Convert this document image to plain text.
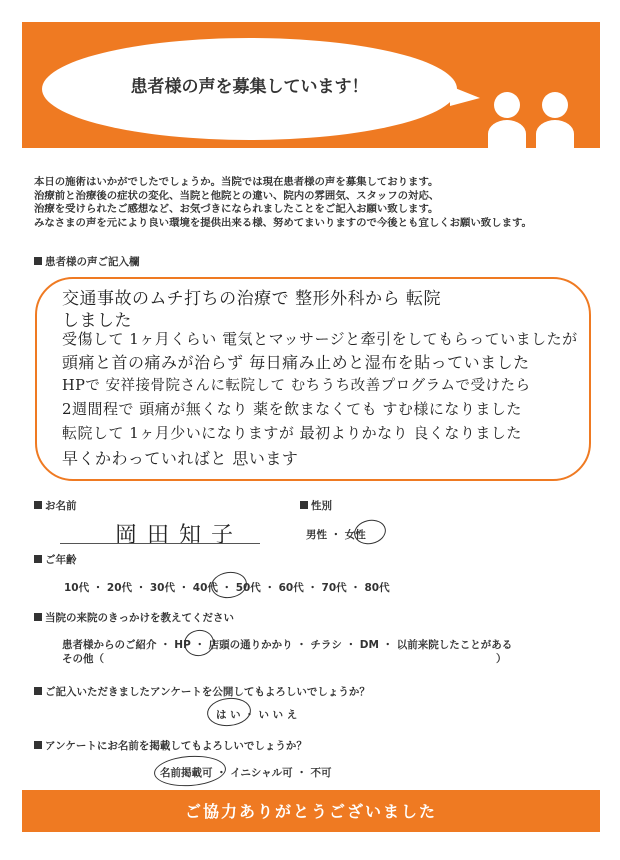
患者様の声を募集しています！
本日の施術はいかがでしたでしょうか。当院では現在患者様の声を募集しております。
治療前と治療後の症状の変化、当院と他院との違い、院内の雰囲気、スタッフの対応、
治療を受けられたご感想など、お気づきになられましたことをご記入お願い致します。
みなさまの声を元により良い環境を提供出来る様、努めてまいりますので今後とも宜しくお願い致します。
患者様の声ご記入欄
交通事故のムチ打ちの治療で 整形外科から 転院
しました
受傷して 1ヶ月くらい 電気とマッサージと牽引をしてもらっていましたが
頭痛と首の痛みが治らず 毎日痛み止めと湿布を貼っていました
HPで 安祥接骨院さんに転院して むちうち改善プログラムで受けたら
2週間程で 頭痛が無くなり 薬を飲まなくても すむ様になりました
転院して 1ヶ月少いになりますが 最初よりかなり 良くなりました
早くかわっていればと 思います
お名前
岡田知子
性別
男性 ・ 女性
ご年齢
10代 ・ 20代 ・ 30代 ・ 40代 ・ 50代 ・ 60代 ・ 70代 ・ 80代
当院の来院のきっかけを教えてください
患者様からのご紹介 ・ HP ・ 店頭の通りかかり ・ チラシ ・ DM ・ 以前来院したことがある
その他（	）
ご記入いただきましたアンケートを公開してもよろしいでしょうか？
は い ・ い い え
アンケートにお名前を掲載してもよろしいでしょうか？
名前掲載可 ・ イニシャル可 ・ 不可
ご協力ありがとうございました
